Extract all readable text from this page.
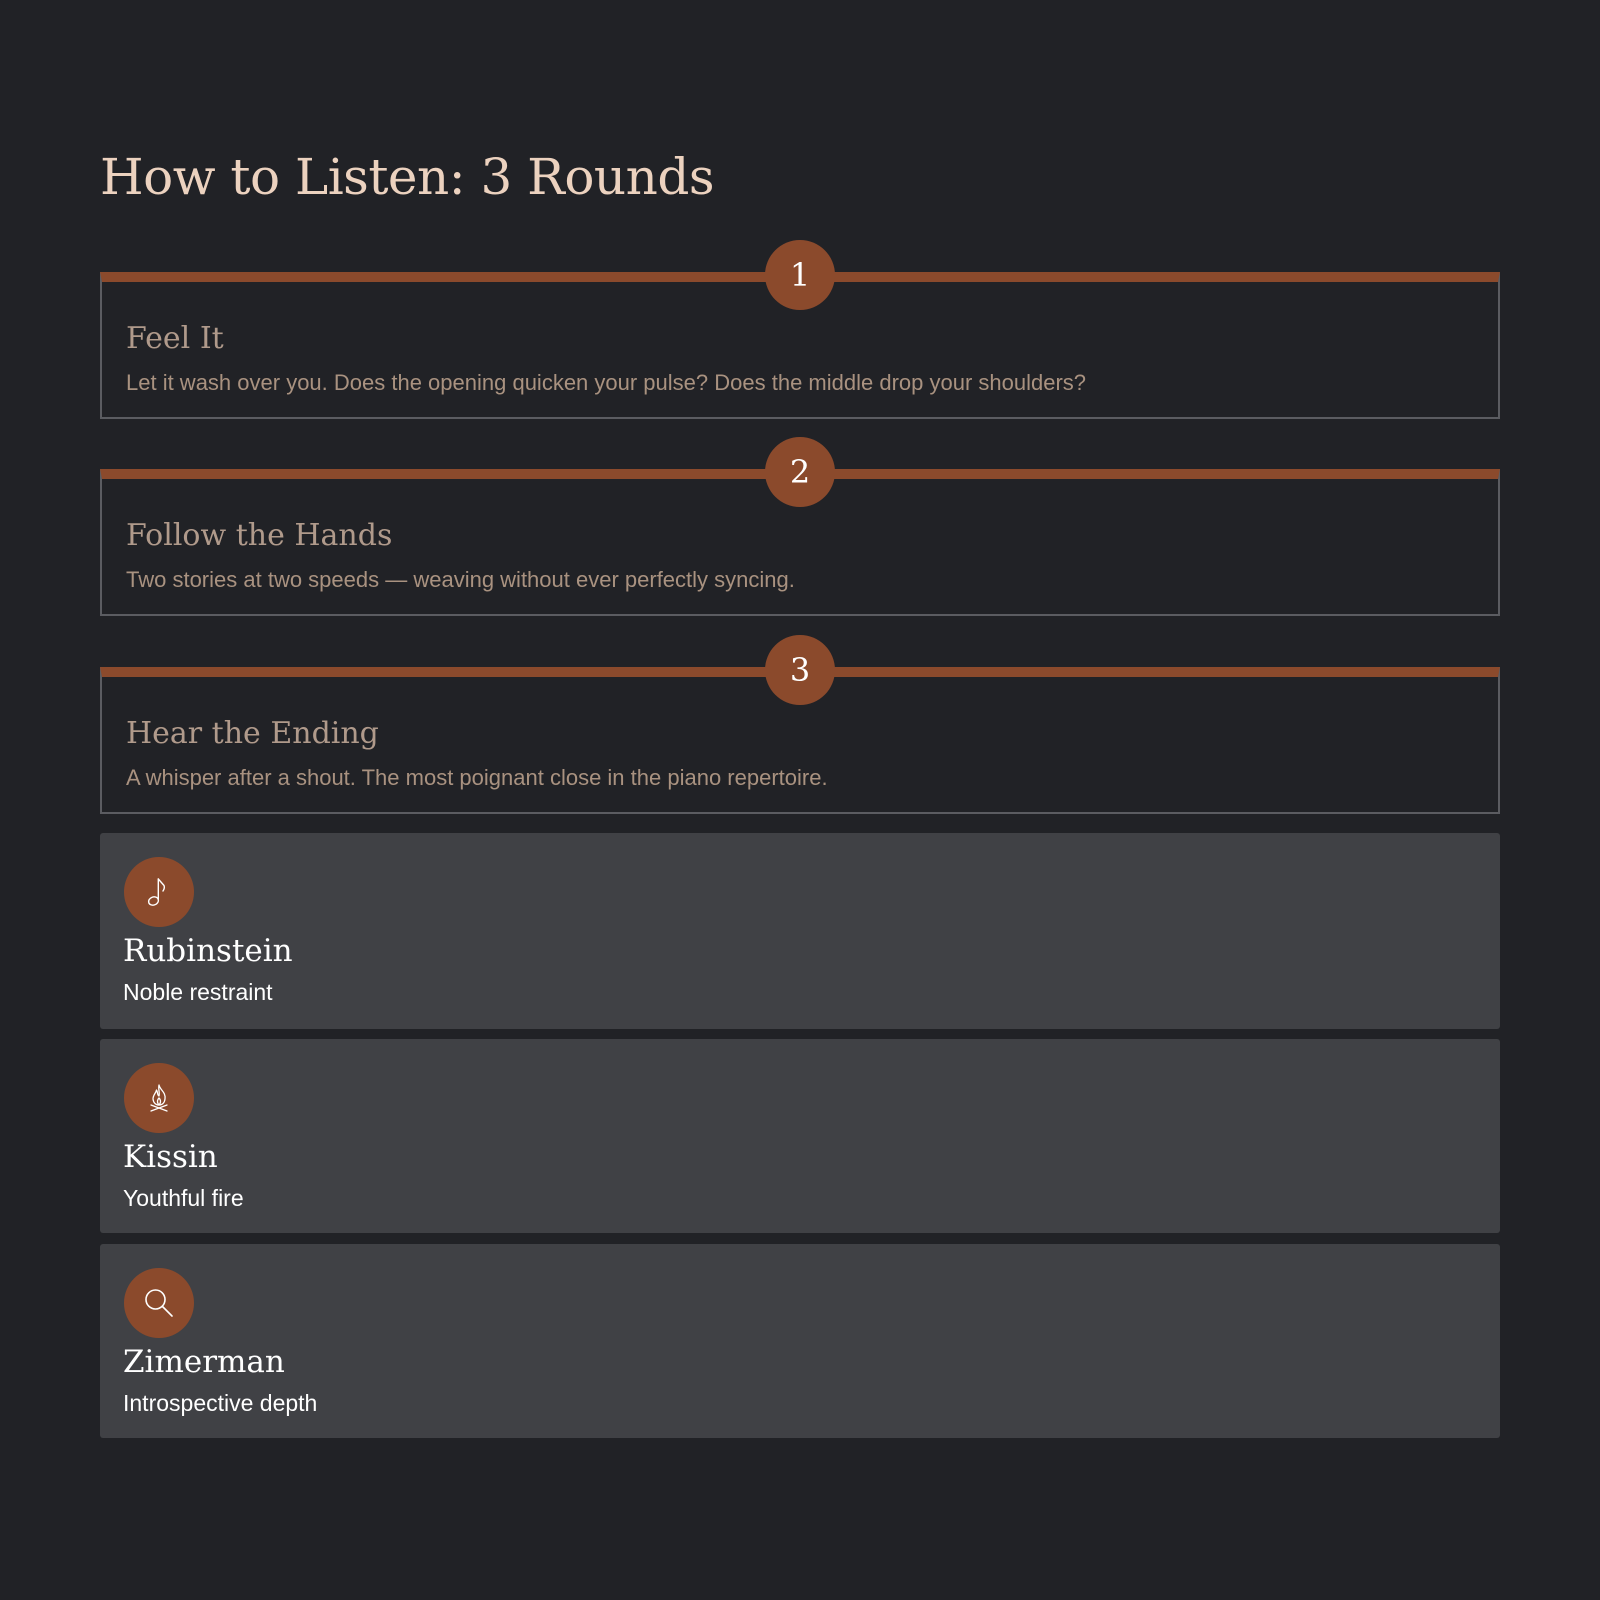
How to Listen: 3 Rounds
1
Feel It

Let it wash over you. Does the opening quicken your pulse? Does the middle drop your shoulders?

2
Follow the Hands

Two stories at two speeds — weaving without ever perfectly syncing.

3
Hear the Ending

A whisper after a shout. The most poignant close in the piano repertoire.

Rubinstein

Noble restraint

Kissin

Youthful fire

Zimerman

Introspective depth
